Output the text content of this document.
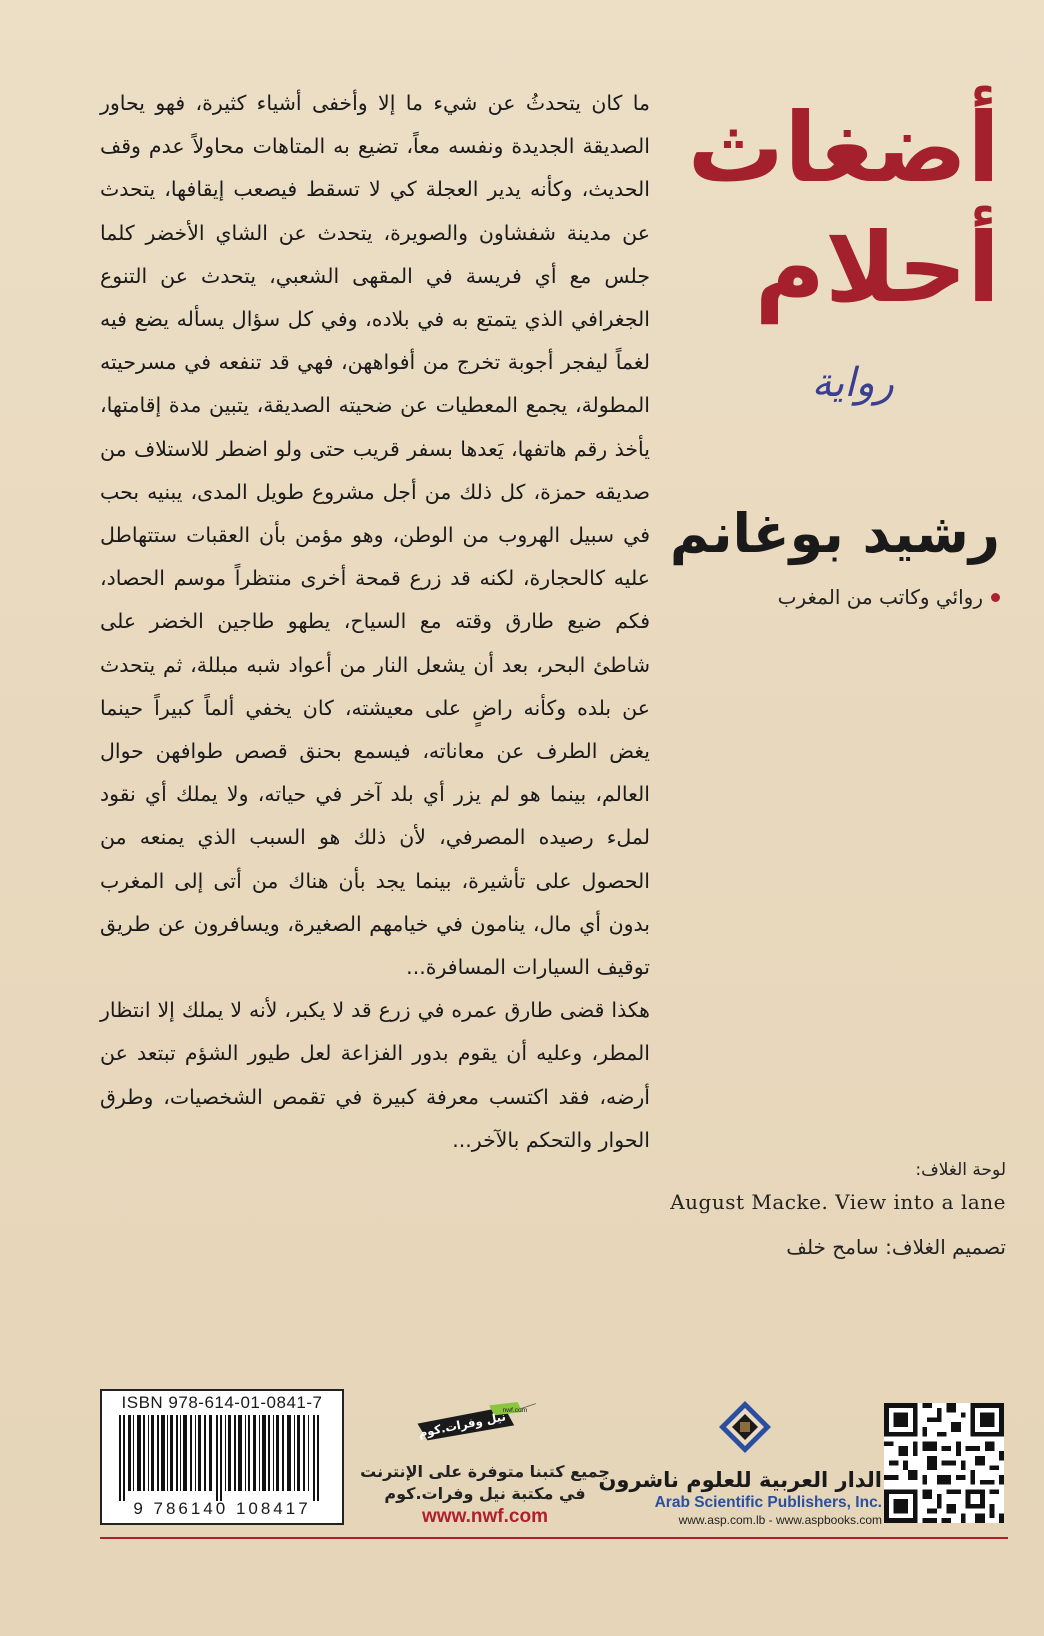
أضغاث
أحلام
رواية
رشيد بوغانم
روائي وكاتب من المغرب

ما كان يتحدثُ عن شيء ما إلا وأخفى أشياء كثيرة، فهو يحاور الصديقة الجديدة ونفسه معاً، تضيع به المتاهات محاولاً عدم وقف الحديث، وكأنه يدير العجلة كي لا تسقط فيصعب إيقافها، يتحدث عن مدينة شفشاون والصويرة، يتحدث عن الشاي الأخضر كلما جلس مع أي فريسة في المقهى الشعبي، يتحدث عن التنوع الجغرافي الذي يتمتع به في بلاده، وفي كل سؤال يسأله يضع فيه لغماً ليفجر أجوبة تخرج من أفواههن، فهي قد تنفعه في مسرحيته المطولة، يجمع المعطيات عن ضحيته الصديقة، يتبين مدة إقامتها، يأخذ رقم هاتفها، يَعدها بسفر قريب حتى ولو اضطر للاستلاف من صديقه حمزة، كل ذلك من أجل مشروع طويل المدى، يبنيه بحب في سبيل الهروب من الوطن، وهو مؤمن بأن العقبات ستتهاطل عليه كالحجارة، لكنه قد زرع قمحة أخرى منتظراً موسم الحصاد، فكم ضيع طارق وقته مع السياح، يطهو طاجين الخضر على شاطئ البحر، بعد أن يشعل النار من أعواد شبه مبللة، ثم يتحدث عن بلده وكأنه راضٍ على معيشته، كان يخفي ألماً كبيراً حينما يغض الطرف عن معاناته، فيسمع بحنق قصص طوافهن حوال العالم، بينما هو لم يزر أي بلد آخر في حياته، ولا يملك أي نقود لملء رصيده المصرفي، لأن ذلك هو السبب الذي يمنعه من الحصول على تأشيرة، بينما يجد بأن هناك من أتى إلى المغرب بدون أي مال، ينامون في خيامهم الصغيرة، ويسافرون عن طريق توقيف السيارات المسافرة...

هكذا قضى طارق عمره في زرع قد لا يكبر، لأنه لا يملك إلا انتظار المطر، وعليه أن يقوم بدور الفزاعة لعل طيور الشؤم تبتعد عن أرضه، فقد اكتسب معرفة كبيرة في تقمص الشخصيات، وطرق الحوار والتحكم بالآخر...

لوحة الغلاف:
August Macke. View into a lane
تصميم الغلاف: سامح خلف
ISBN 978-614-01-0841-7
9 786140 108417
nwf.com
نيل وفرات.كوم
جميع كتبنا متوفرة على الإنترنت
في مكتبة نيل وفرات.كوم
www.nwf.com
الدار العربية للعلوم ناشرون
Arab Scientific Publishers, Inc.
www.asp.com.lb - www.aspbooks.com
